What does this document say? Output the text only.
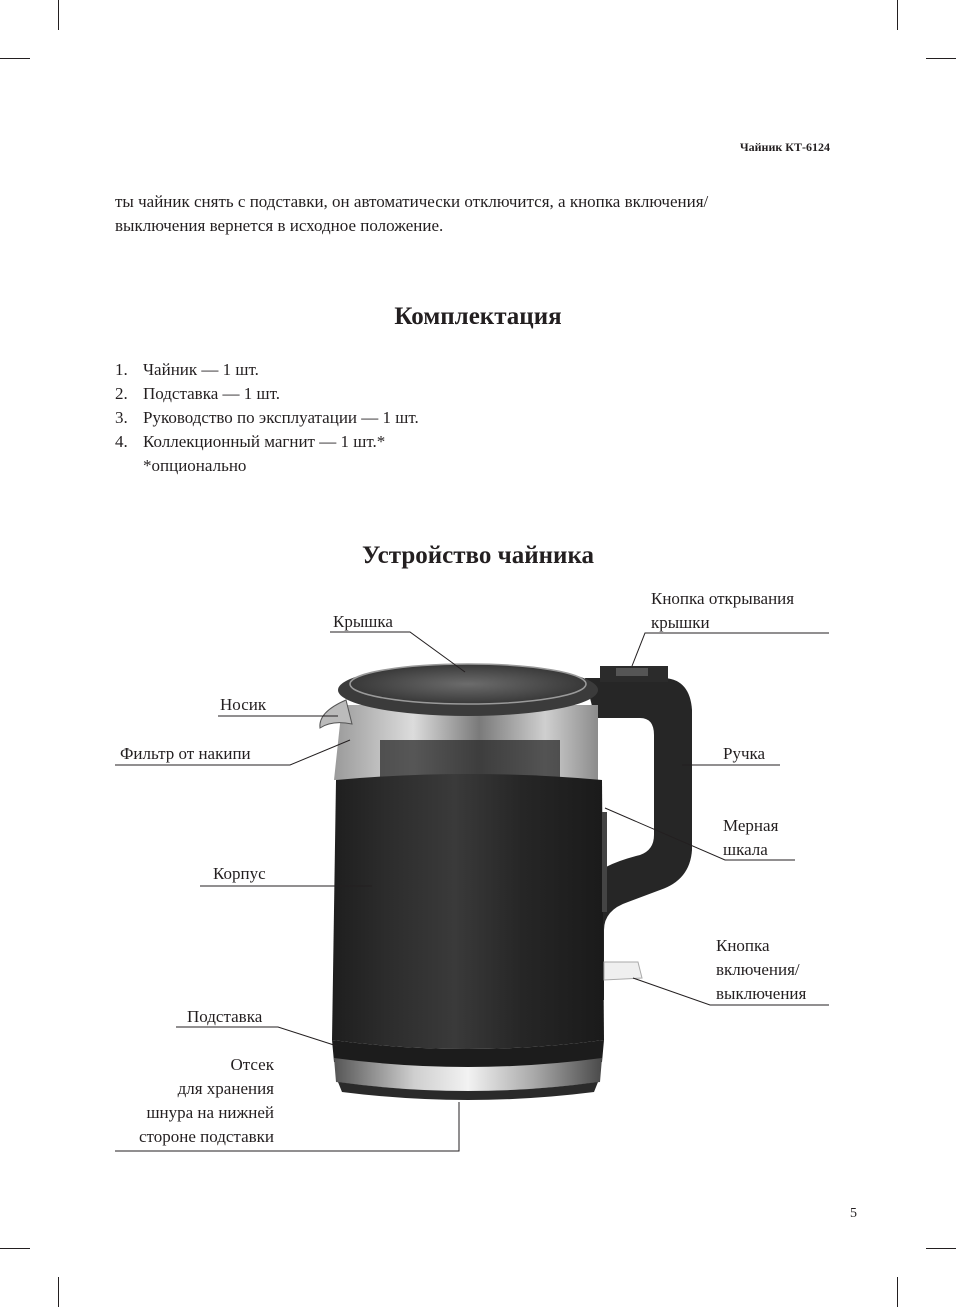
Чайник КТ-6124

ты чайник снять с подставки, он автоматически отключится, а кнопка включения/
выключения вернется в исходное положение.

Комплектация
1. Чайник — 1 шт.
2. Подставка — 1 шт.
3. Руководство по эксплуатации — 1 шт.
4. Коллекционный магнит — 1 шт.*
*опционально
Устройство чайника
Крышка
Кнопка открывания
крышки
Носик
Фильтр от накипи	Ручка
Мерная
шкала
Корпус
Кнопка
включения/
выключения
Подставка
Отсек
для хранения
шнура на нижней
стороне подставки
5
